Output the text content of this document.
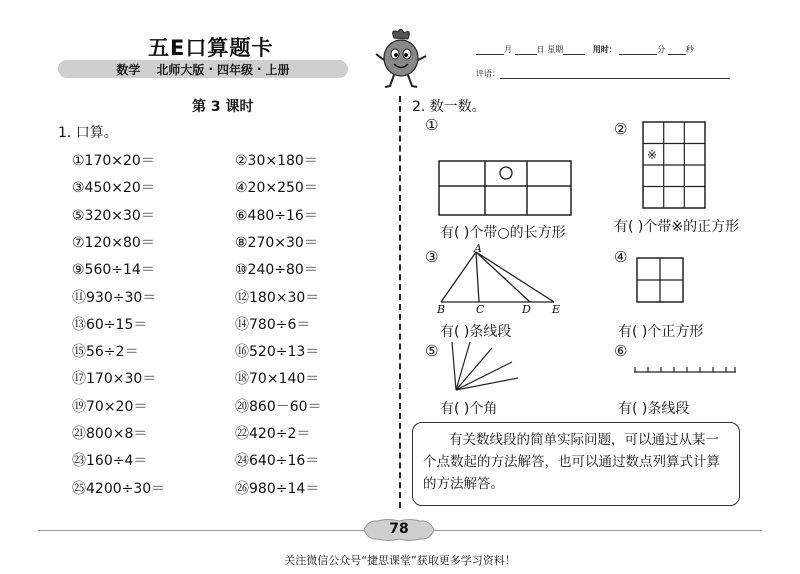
五E口算题卡
数学 北师大版 · 四年级 · 上册
月	日 星期	用时：	分	秒
评语：
第 3 课时
1. 口算。
①170×20＝	②30×180＝
③450×20＝	④20×250＝
⑤320×30＝	⑥480÷16＝
⑦120×80＝	⑧270×30＝
⑨560÷14＝	⑩240÷80＝
⑪930÷30＝	⑫180×30＝
⑬60÷15＝	⑭780÷6＝
⑮56÷2＝	⑯520÷13＝
⑰170×30＝	⑱70×140＝
⑲70×20＝	⑳860－60＝
㉑800×8＝	㉒420÷2＝
㉓160÷4＝	㉔640÷16＝
㉕4200÷30＝	㉖980÷14＝
2. 数一数。
①
有( )个带○的长方形
②
※
有( )个带※的正方形
③	A
B	C	D E
有( )条线段
④
有( )个正方形
⑤
有( )个角
⑥
有( )条线段
有关数线段的简单实际问题，可以通过从某一个点数起的方法解答，也可以通过数点列算式计算的方法解答。
78
关注微信公众号“捷思课堂”获取更多学习资料！
